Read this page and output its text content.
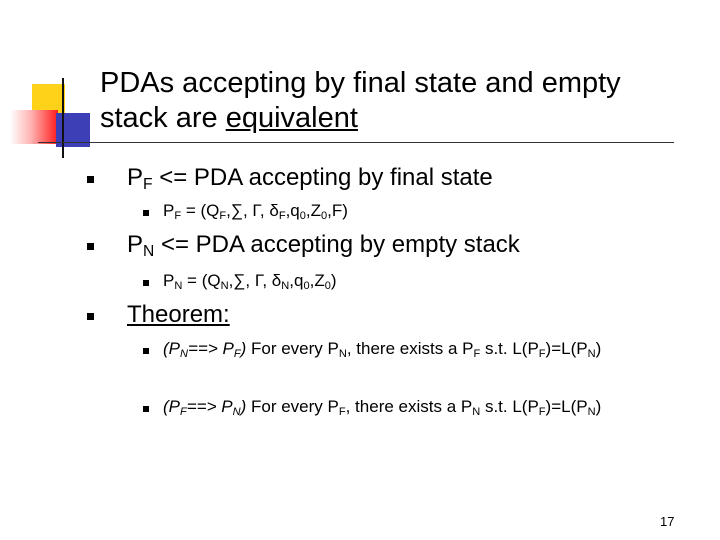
PDAs accepting by final state and empty
stack are equivalent
$P_F$ <= PDA accepting by final state
$P_F = (Q_F,\sum$, Γ, $\delta_F,q_0,Z_0,F$)
$P_N$ <= PDA accepting by empty stack
$P_N = (Q_N,\sum$, Γ, $\delta_N,q_0,Z_0$)
Theorem:
$(P_N==> P_F)$ For every $P_N$, there exists a $P_F$ s.t. $L(P_F)=L(P_N)$
$(P_F==> P_N)$ For every $P_F$, there exists a $P_N$ s.t. $L(P_F)=L(P_N)$
17
